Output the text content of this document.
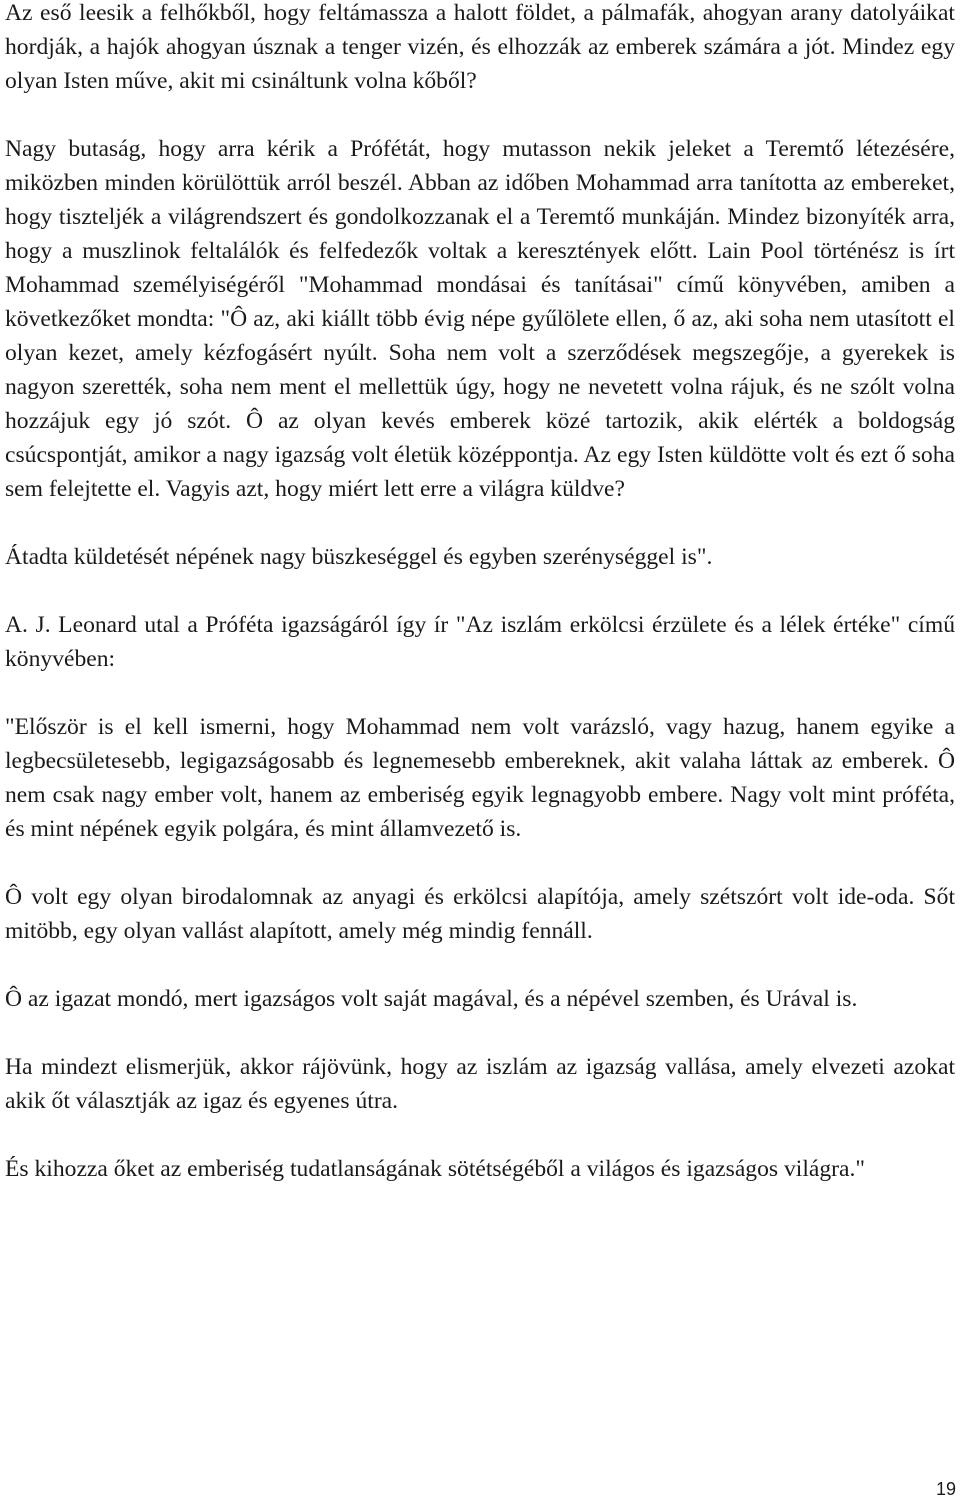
Az eső leesik a felhőkből, hogy feltámassza a halott földet, a pálmafák, ahogyan arany datolyáikat hordják, a hajók ahogyan úsznak a tenger vizén, és elhozzák az emberek számára a jót. Mindez egy olyan Isten műve, akit mi csináltunk volna kőből?

Nagy butaság, hogy arra kérik a Prófétát, hogy mutasson nekik jeleket a Teremtő létezésére, miközben minden körülöttük arról beszél. Abban az időben Mohammad arra tanította az embereket, hogy tiszteljék a világrendszert és gondolkozzanak el a Teremtő munkáján. Mindez bizonyíték arra, hogy a muszlinok feltalálók és felfedezők voltak a keresztények előtt. Lain Pool történész is írt Mohammad személyiségéről "Mohammad mondásai és tanításai" című könyvében, amiben a következőket mondta: "Ô az, aki kiállt több évig népe gyűlölete ellen, ő az, aki soha nem utasított el olyan kezet, amely kézfogásért nyúlt. Soha nem volt a szerződések megszegője, a gyerekek is nagyon szerették, soha nem ment el mellettük úgy, hogy ne nevetett volna rájuk, és ne szólt volna hozzájuk egy jó szót. Ô az olyan kevés emberek közé tartozik, akik elérték a boldogság csúcspontját, amikor a nagy igazság volt életük középpontja. Az egy Isten küldötte volt és ezt ő soha sem felejtette el. Vagyis azt, hogy miért lett erre a világra küldve?

Átadta küldetését népének nagy büszkeséggel és egyben szerénységgel is".

A. J. Leonard utal a Próféta igazságáról így ír "Az iszlám erkölcsi érzülete és a lélek értéke" című könyvében:

"Először is el kell ismerni, hogy Mohammad nem volt varázsló, vagy hazug, hanem egyike a legbecsületesebb, legigazságosabb és legnemesebb embereknek, akit valaha láttak az emberek. Ô nem csak nagy ember volt, hanem az emberiség egyik legnagyobb embere. Nagy volt mint próféta, és mint népének egyik polgára, és mint államvezető is.

Ô volt egy olyan birodalomnak az anyagi és erkölcsi alapítója, amely szétszórt volt ide-oda. Sőt mitöbb, egy olyan vallást alapított, amely még mindig fennáll.

Ô az igazat mondó, mert igazságos volt saját magával, és a népével szemben, és Urával is.

Ha mindezt elismerjük, akkor rájövünk, hogy az iszlám az igazság vallása, amely elvezeti azokat akik őt választják az igaz és egyenes útra.

És kihozza őket az emberiség tudatlanságának sötétségéből a világos és igazságos világra."

19
